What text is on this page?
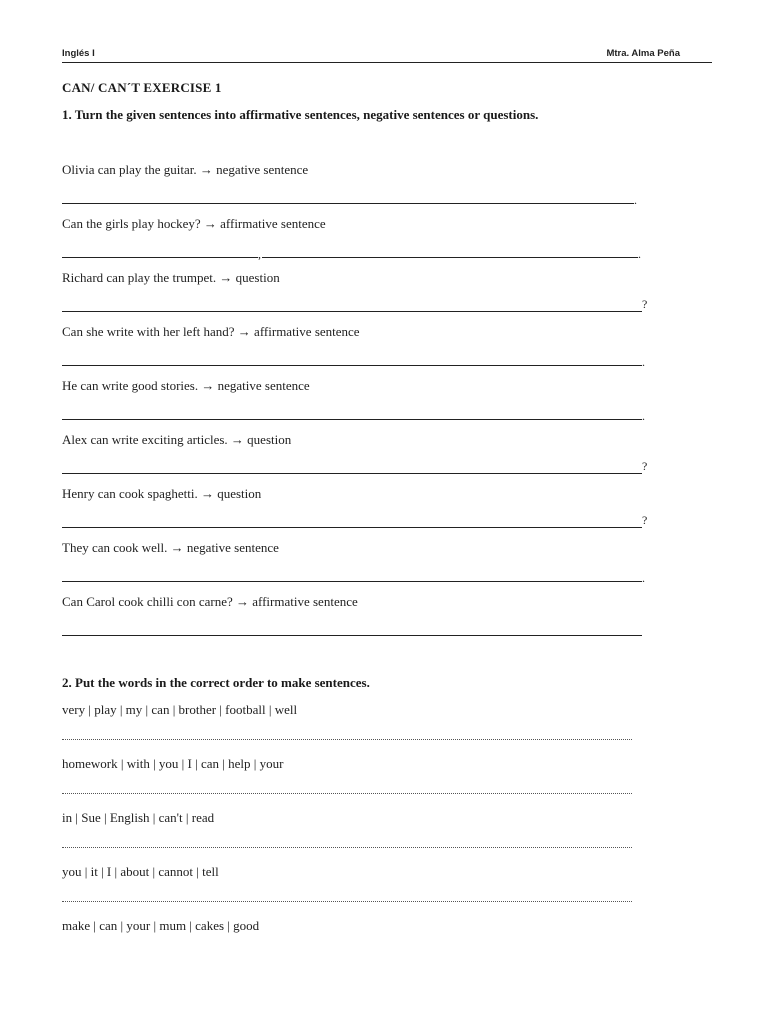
Inglés I	Mtra. Alma Peña
CAN/ CAN´T EXERCISE 1
1. Turn the given sentences into affirmative sentences, negative sentences or questions.
Olivia can play the guitar. → negative sentence
.
Can the girls play hockey? → affirmative sentence
,	.
Richard can play the trumpet. → question
?
Can she write with her left hand? → affirmative sentence
.
He can write good stories. → negative sentence
.
Alex can write exciting articles. → question
?
Henry can cook spaghetti. → question
?
They can cook well. → negative sentence
.
Can Carol cook chilli con carne? → affirmative sentence
2. Put the words in the correct order to make sentences.
very | play | my | can | brother | football | well
homework | with | you | I | can | help | your
in | Sue | English | can't | read
you | it | I | about | cannot | tell
make | can | your | mum | cakes | good
